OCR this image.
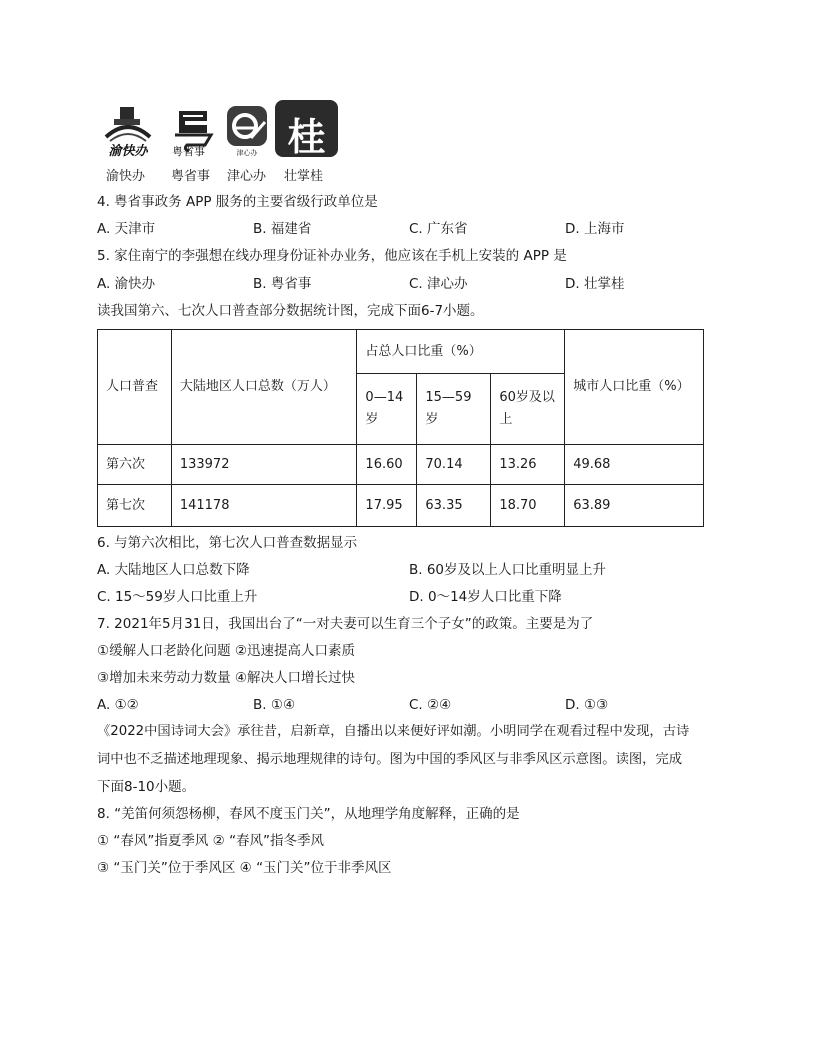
渝快办
渝快办
粤省事
粤省事
津心办
津心办
桂
壮掌桂
4. 粤省事政务 APP 服务的主要省级行政单位是
A. 天津市	B. 福建省	C. 广东省	D. 上海市
5. 家住南宁的李强想在线办理身份证补办业务，他应该在手机上安装的 APP 是
A. 渝快办	B. 粤省事	C. 津心办	D. 壮掌桂
读我国第六、七次人口普查部分数据统计图，完成下面6-7小题。
人口普查	大陆地区人口总数（万人）	占总人口比重（%）			城市人口比重（%）
		0—14岁	15—59岁	60岁及以上	
第六次	133972	16.60	70.14	13.26	49.68
第七次	141178	17.95	63.35	18.70	63.89
6. 与第六次相比，第七次人口普查数据显示
A. 大陆地区人口总数下降	B. 60岁及以上人口比重明显上升
C. 15～59岁人口比重上升	D. 0～14岁人口比重下降
7. 2021年5月31日，我国出台了“一对夫妻可以生育三个子女”的政策。主要是为了
①缓解人口老龄化问题 ②迅速提高人口素质
③增加未来劳动力数量 ④解决人口增长过快
A. ①②	B. ①④	C. ②④	D. ①③
《2022中国诗词大会》承往昔，启新章，自播出以来便好评如潮。小明同学在观看过程中发现，古诗
词中也不乏描述地理现象、揭示地理规律的诗句。图为中国的季风区与非季风区示意图。读图，完成
下面8-10小题。
8. “羌笛何须怨杨柳，春风不度玉门关”，从地理学角度解释，正确的是
① “春风”指夏季风 ② “春风”指冬季风
③ “玉门关”位于季风区 ④ “玉门关”位于非季风区
